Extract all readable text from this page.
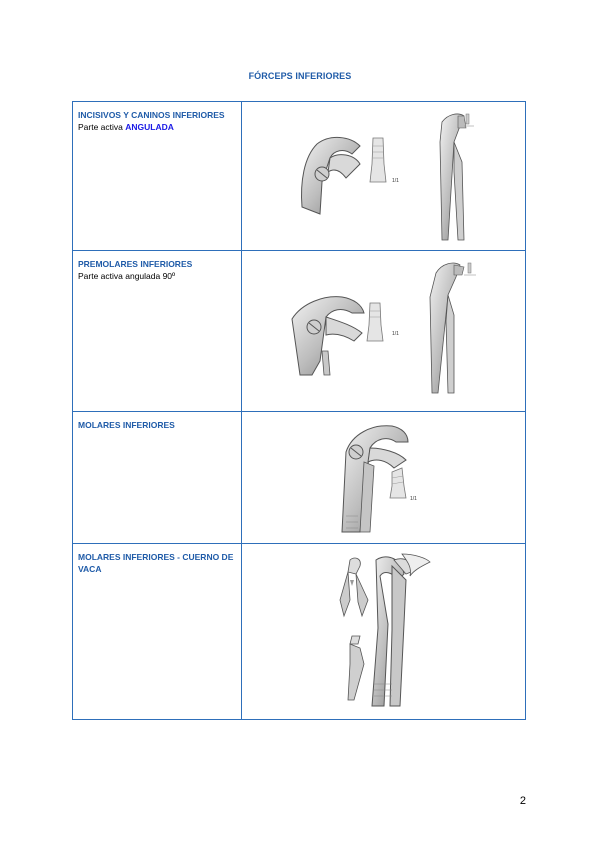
FÓRCEPS INFERIORES
INCISIVOS Y CANINOS INFERIORES
Parte activa ANGULADA	1/1

PREMOLARES INFERIORES
Parte activa angulada 90º	1/1

MOLARES INFERIORES	1/1

MOLARES INFERIORES - CUERNO DE VACA

2
